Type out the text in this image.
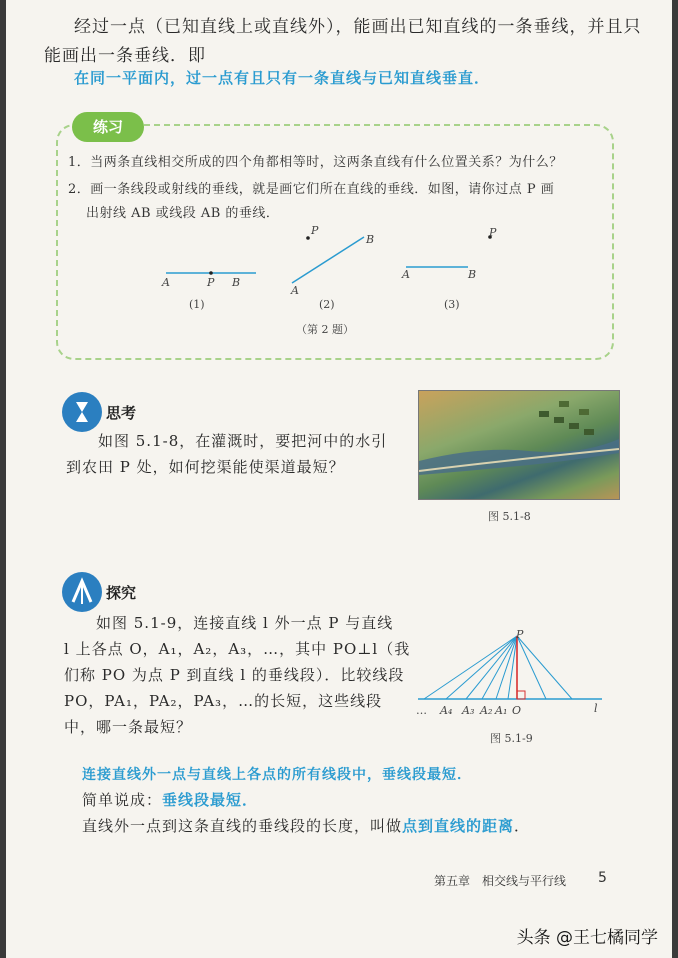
经过一点（已知直线上或直线外），能画出已知直线的一条垂线，并且只
能画出一条垂线．即
在同一平面内，过一点有且只有一条直线与已知直线垂直．
练习
1．当两条直线相交所成的四个角都相等时，这两条直线有什么位置关系？为什么？
2．画一条线段或射线的垂线，就是画它们所在直线的垂线．如图，请你过点 P 画
出射线 AB 或线段 AB 的垂线．
A	P B
(1)
P
B
A
(2)
P
A	B
(3)
（第 2 题）
思考
如图 5.1-8，在灌溉时，要把河中的水引
到农田 P 处，如何挖渠能使渠道最短？
图 5.1-8
探究
如图 5.1-9，连接直线 l 外一点 P 与直线
l 上各点 O，A₁，A₂，A₃，…，其中 PO⊥l（我
们称 PO 为点 P 到直线 l 的垂线段）．比较线段
PO，PA₁，PA₂，PA₃，…的长短，这些线段
中，哪一条最短？
P
… A₄ A₃ A₂ A₁ O	l
图 5.1-9
连接直线外一点与直线上各点的所有线段中，垂线段最短．
简单说成：垂线段最短．
直线外一点到这条直线的垂线段的长度，叫做点到直线的距离．
第五章　相交线与平行线 5
头条 @王七橘同学
